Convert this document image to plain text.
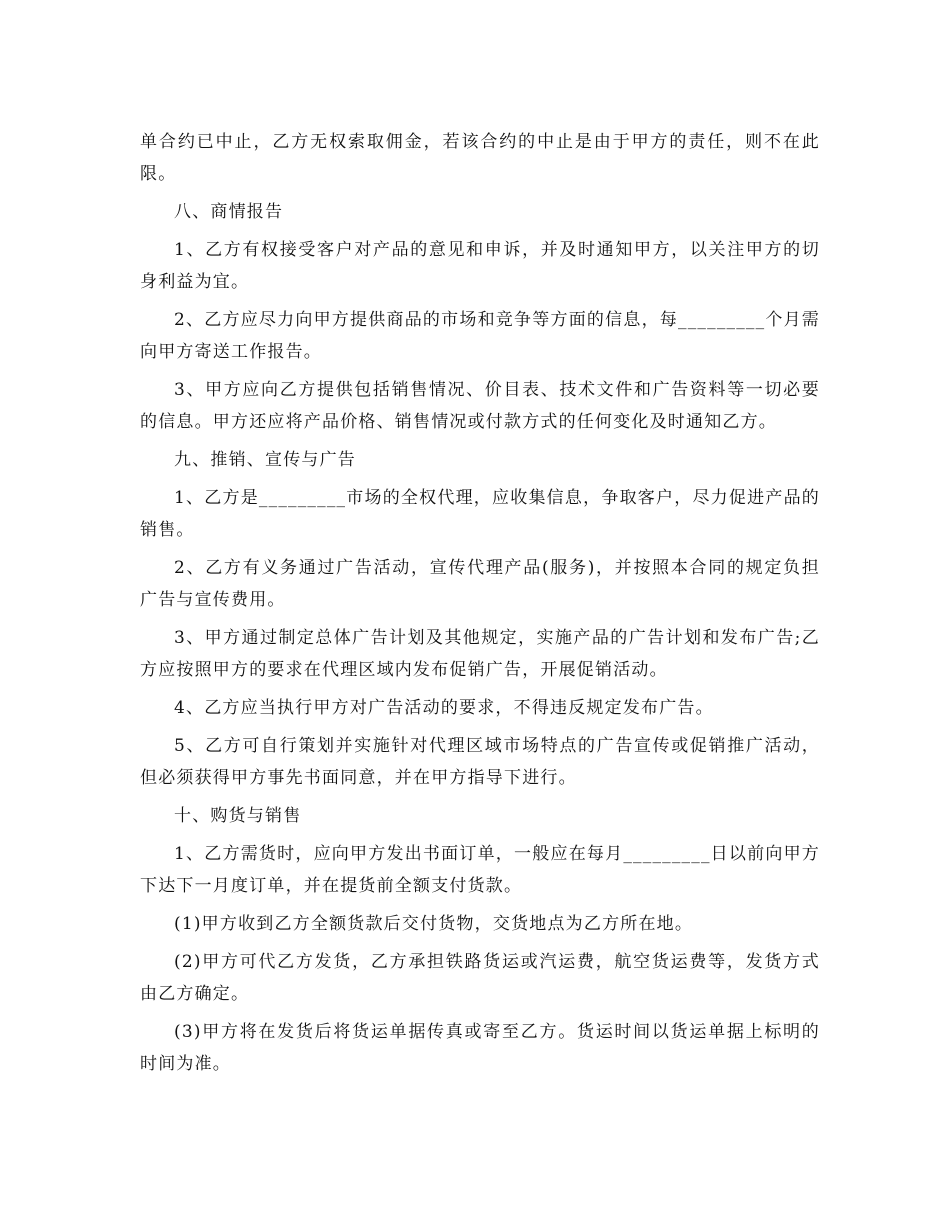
单合约已中止，乙方无权索取佣金，若该合约的中止是由于甲方的责任，则不在此限。

八、商情报告

1、乙方有权接受客户对产品的意见和申诉，并及时通知甲方，以关注甲方的切身利益为宜。

2、乙方应尽力向甲方提供商品的市场和竞争等方面的信息，每_________个月需向甲方寄送工作报告。

3、甲方应向乙方提供包括销售情况、价目表、技术文件和广告资料等一切必要的信息。甲方还应将产品价格、销售情况或付款方式的任何变化及时通知乙方。

九、推销、宣传与广告

1、乙方是_________市场的全权代理，应收集信息，争取客户，尽力促进产品的销售。

2、乙方有义务通过广告活动，宣传代理产品(服务)，并按照本合同的规定负担广告与宣传费用。

3、甲方通过制定总体广告计划及其他规定，实施产品的广告计划和发布广告;乙方应按照甲方的要求在代理区域内发布促销广告，开展促销活动。

4、乙方应当执行甲方对广告活动的要求，不得违反规定发布广告。

5、乙方可自行策划并实施针对代理区域市场特点的广告宣传或促销推广活动，但必须获得甲方事先书面同意，并在甲方指导下进行。

十、购货与销售

1、乙方需货时，应向甲方发出书面订单，一般应在每月_________日以前向甲方下达下一月度订单，并在提货前全额支付货款。

(1)甲方收到乙方全额货款后交付货物，交货地点为乙方所在地。

(2)甲方可代乙方发货，乙方承担铁路货运或汽运费，航空货运费等，发货方式由乙方确定。

(3)甲方将在发货后将货运单据传真或寄至乙方。货运时间以货运单据上标明的时间为准。
